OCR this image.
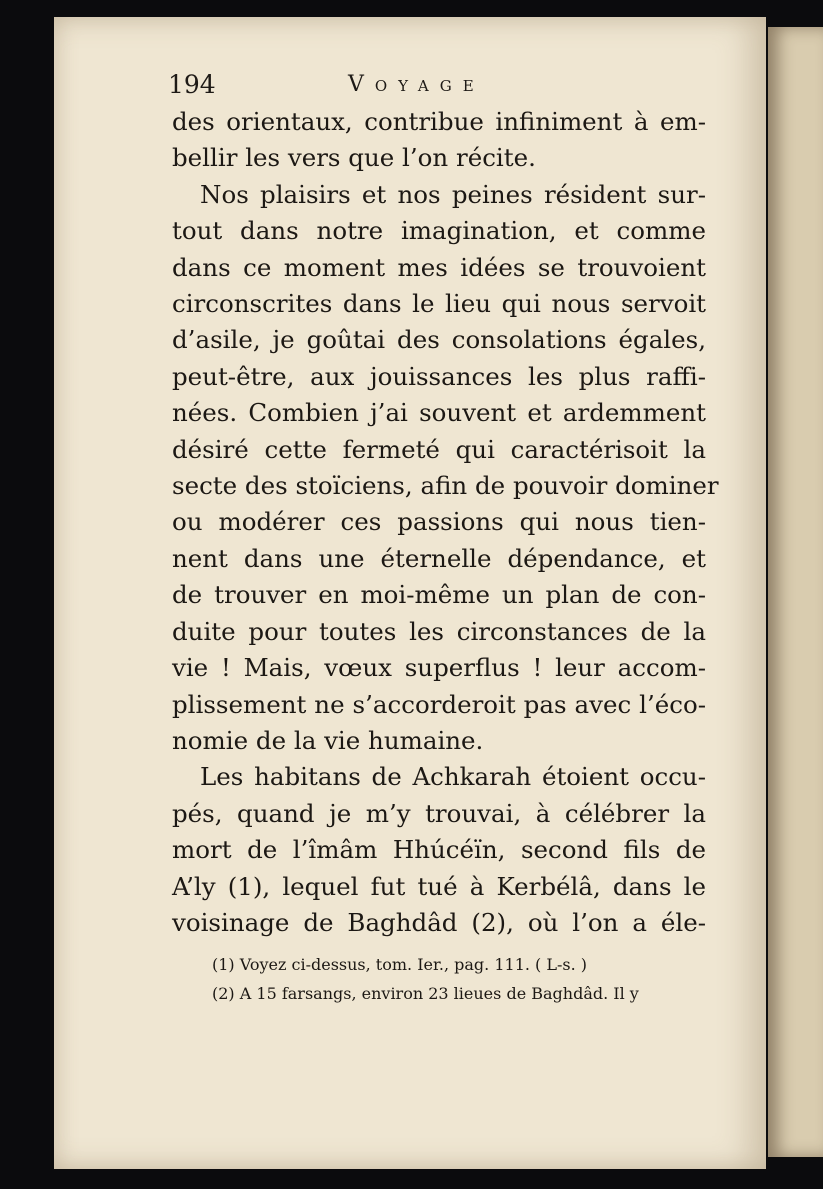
194	Voyage

des orientaux, contribue infiniment à em-
bellir les vers que l’on récite.

Nos plaisirs et nos peines résident sur-
tout dans notre imagination, et comme
dans ce moment mes idées se trouvoient
circonscrites dans le lieu qui nous servoit
d’asile, je goûtai des consolations égales,
peut-être, aux jouissances les plus raffi-
nées. Combien j’ai souvent et ardemment
désiré cette fermeté qui caractérisoit la
secte des stoïciens, afin de pouvoir dominer
ou modérer ces passions qui nous tien-
nent dans une éternelle dépendance, et
de trouver en moi-même un plan de con-
duite pour toutes les circonstances de la
vie ! Mais, vœux superflus ! leur accom-
plissement ne s’accorderoit pas avec l’éco-
nomie de la vie humaine.

Les habitans de Achkarah étoient occu-
pés, quand je m’y trouvai, à célébrer la
mort de l’îmâm Hhúcéïn, second fils de
A’ly (1), lequel fut tué à Kerbélâ, dans le
voisinage de Baghdâd (2), où l’on a éle-

(1) Voyez ci-dessus, tom. Ier., pag. 111. ( L-s. )
(2) A 15 farsangs, environ 23 lieues de Baghdâd. Il y
